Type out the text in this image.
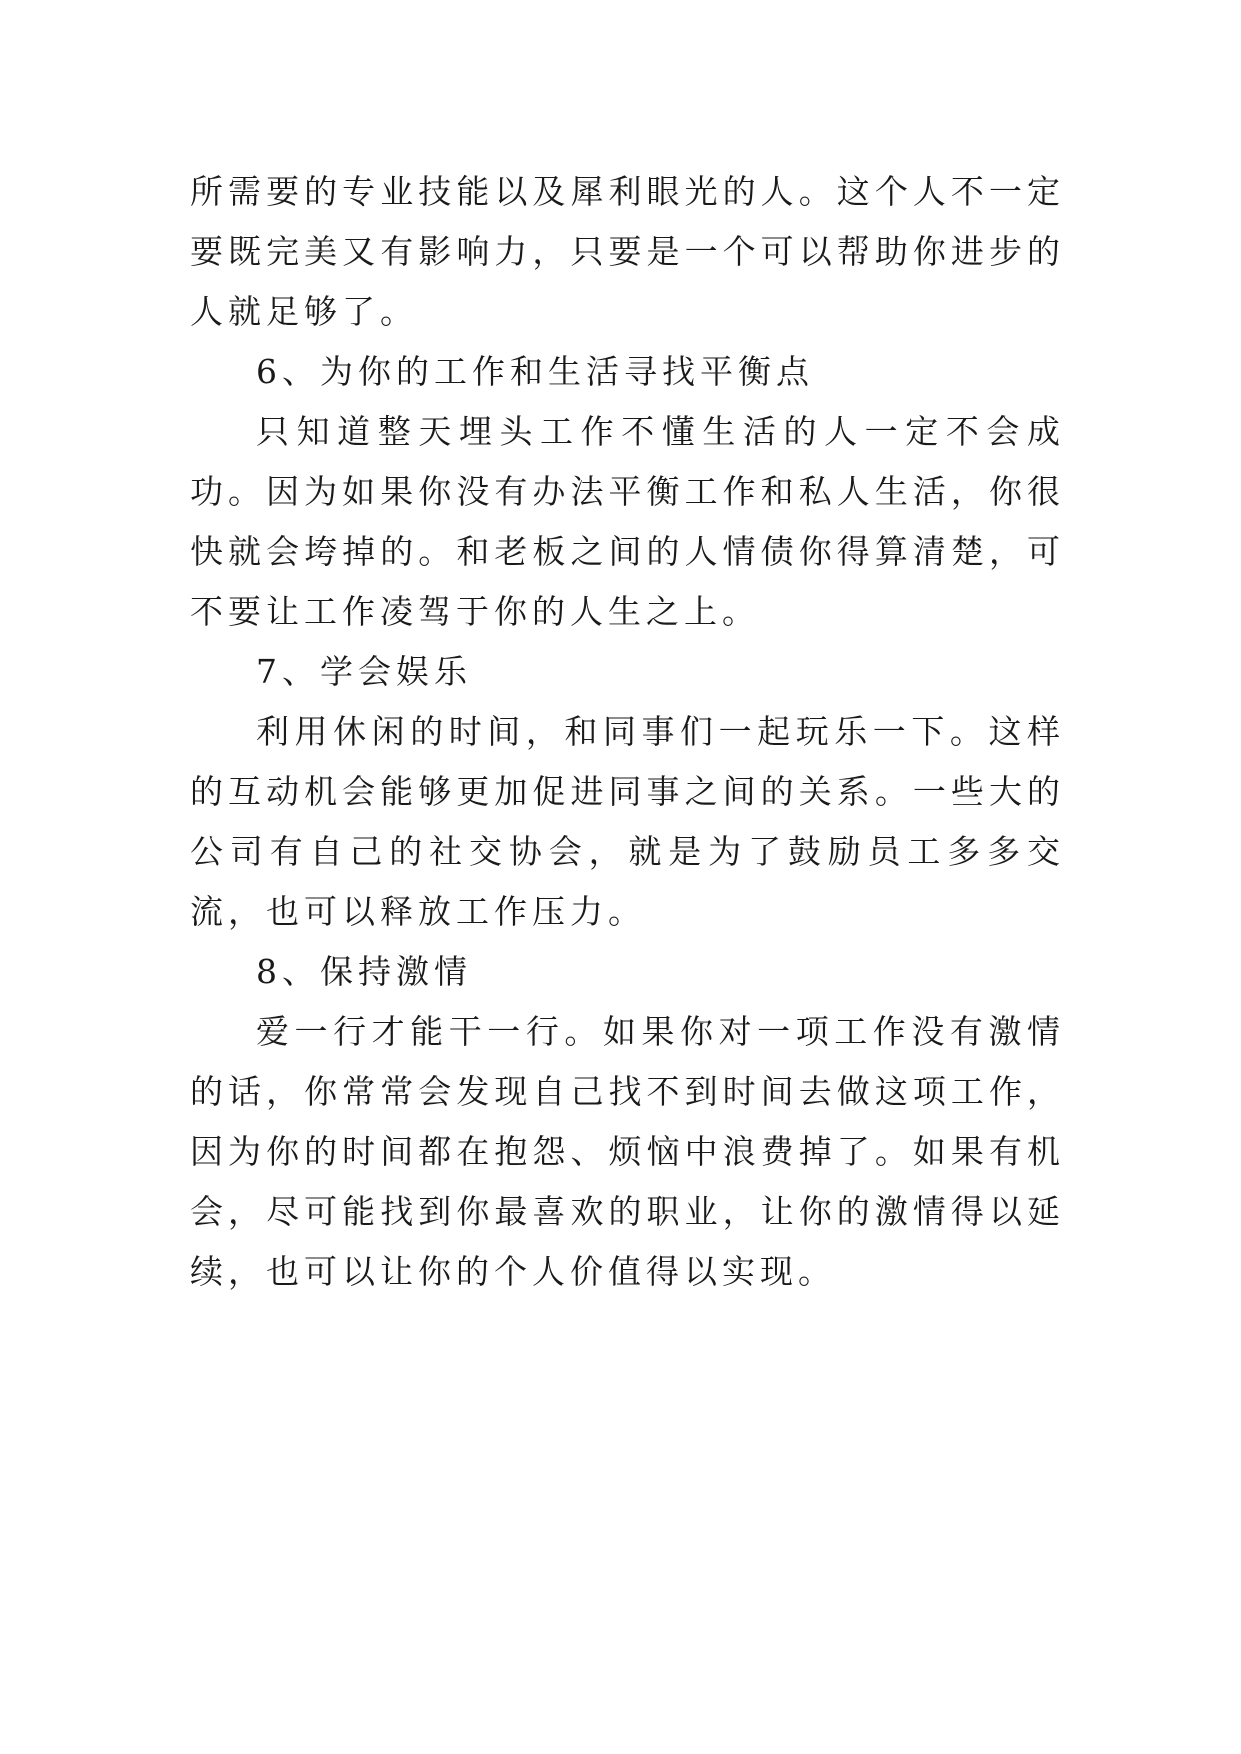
所需要的专业技能以及犀利眼光的人。这个人不一定要既完美又有影响力，只要是一个可以帮助你进步的人就足够了。

6、为你的工作和生活寻找平衡点

只知道整天埋头工作不懂生活的人一定不会成功。因为如果你没有办法平衡工作和私人生活，你很快就会垮掉的。和老板之间的人情债你得算清楚，可不要让工作凌驾于你的人生之上。

7、学会娱乐

利用休闲的时间，和同事们一起玩乐一下。这样的互动机会能够更加促进同事之间的关系。一些大的公司有自己的社交协会，就是为了鼓励员工多多交流，也可以释放工作压力。

8、保持激情

爱一行才能干一行。如果你对一项工作没有激情的话，你常常会发现自己找不到时间去做这项工作，因为你的时间都在抱怨、烦恼中浪费掉了。如果有机会，尽可能找到你最喜欢的职业，让你的激情得以延续，也可以让你的个人价值得以实现。
